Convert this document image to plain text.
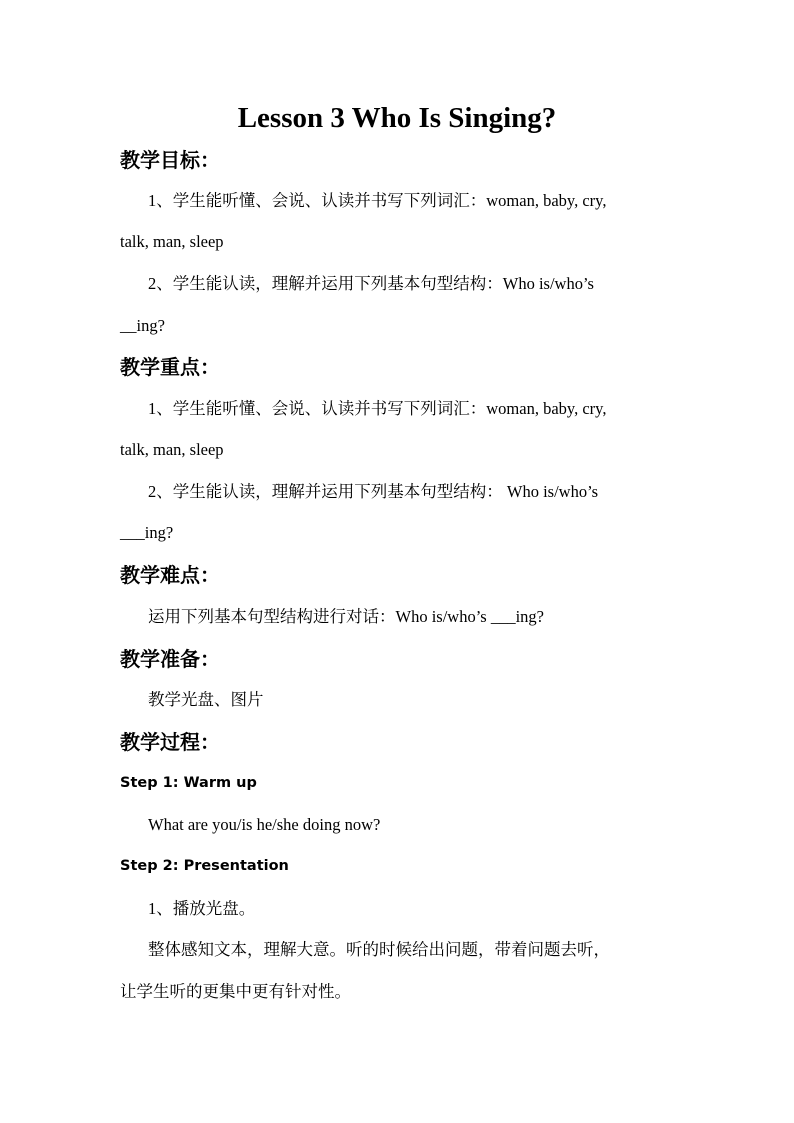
Lesson 3 Who Is Singing?
教学目标：
1、学生能听懂、会说、认读并书写下列词汇：woman, baby, cry,
talk, man, sleep
2、学生能认读，理解并运用下列基本句型结构：Who is/who’s
__ing?
教学重点：
1、学生能听懂、会说、认读并书写下列词汇：woman, baby, cry,
talk, man, sleep
2、学生能认读，理解并运用下列基本句型结构： Who is/who’s
___ing?
教学难点：
运用下列基本句型结构进行对话：Who is/who’s ___ing?
教学准备：
教学光盘、图片
教学过程：
Step 1: Warm up
What are you/is he/she doing now?
Step 2: Presentation
1、播放光盘。
整体感知文本，理解大意。听的时候给出问题，带着问题去听，
让学生听的更集中更有针对性。
